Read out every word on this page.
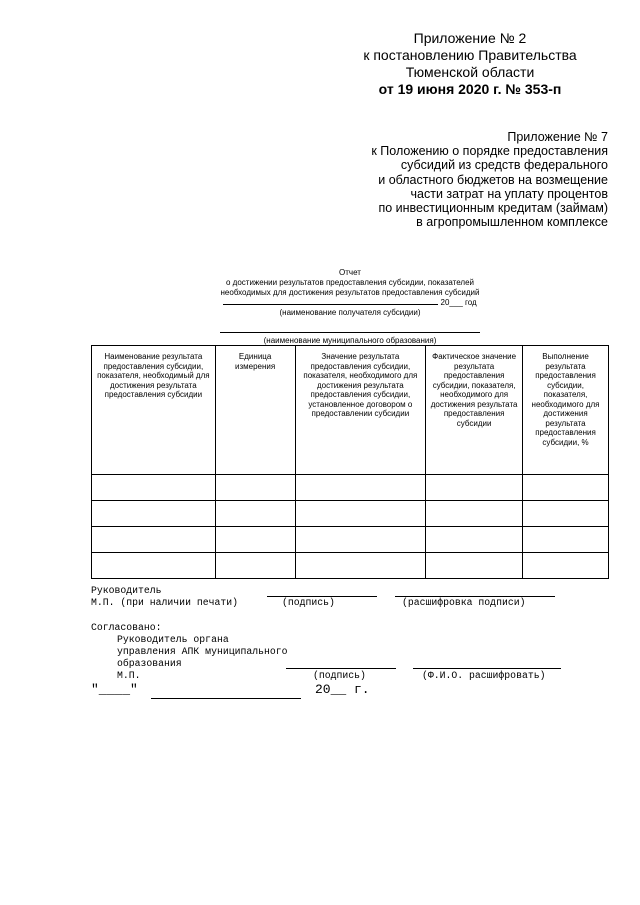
Приложение № 2
к постановлению Правительства
Тюменской области
от 19 июня 2020 г. № 353-п
Приложение № 7
к Положению о порядке предоставления
субсидий из средств федерального
и областного бюджетов на возмещение
части затрат на уплату процентов
по инвестиционным кредитам (займам)
в агропромышленном комплексе
Отчет
о достижении результатов предоставления субсидии, показателей
необходимых для достижения результатов предоставления субсидий
20___ год
(наименование получателя субсидии)
(наименование муниципального образования)
Наименование результата предоставления субсидии, показателя, необходимый для достижения результата предоставления субсидии	Единица измерения	Значение результата предоставления субсидии, показателя, необходимого для достижения результата предоставления субсидии, установленное договором о предоставлении субсидии	Фактическое значение результата предоставления субсидии, показателя, необходимого для достижения результата предоставления субсидии	Выполнение результата предоставления субсидии, показателя, необходимого для достижения результата предоставления субсидии, %

Руководитель
М.П. (при наличии печати)	(подпись)	(расшифровка подписи)
Согласовано:
Руководитель органа
управления АПК муниципального
образования
М.П.	(подпись)	(Ф.И.О. расшифровать)
"____"	20__ г.
